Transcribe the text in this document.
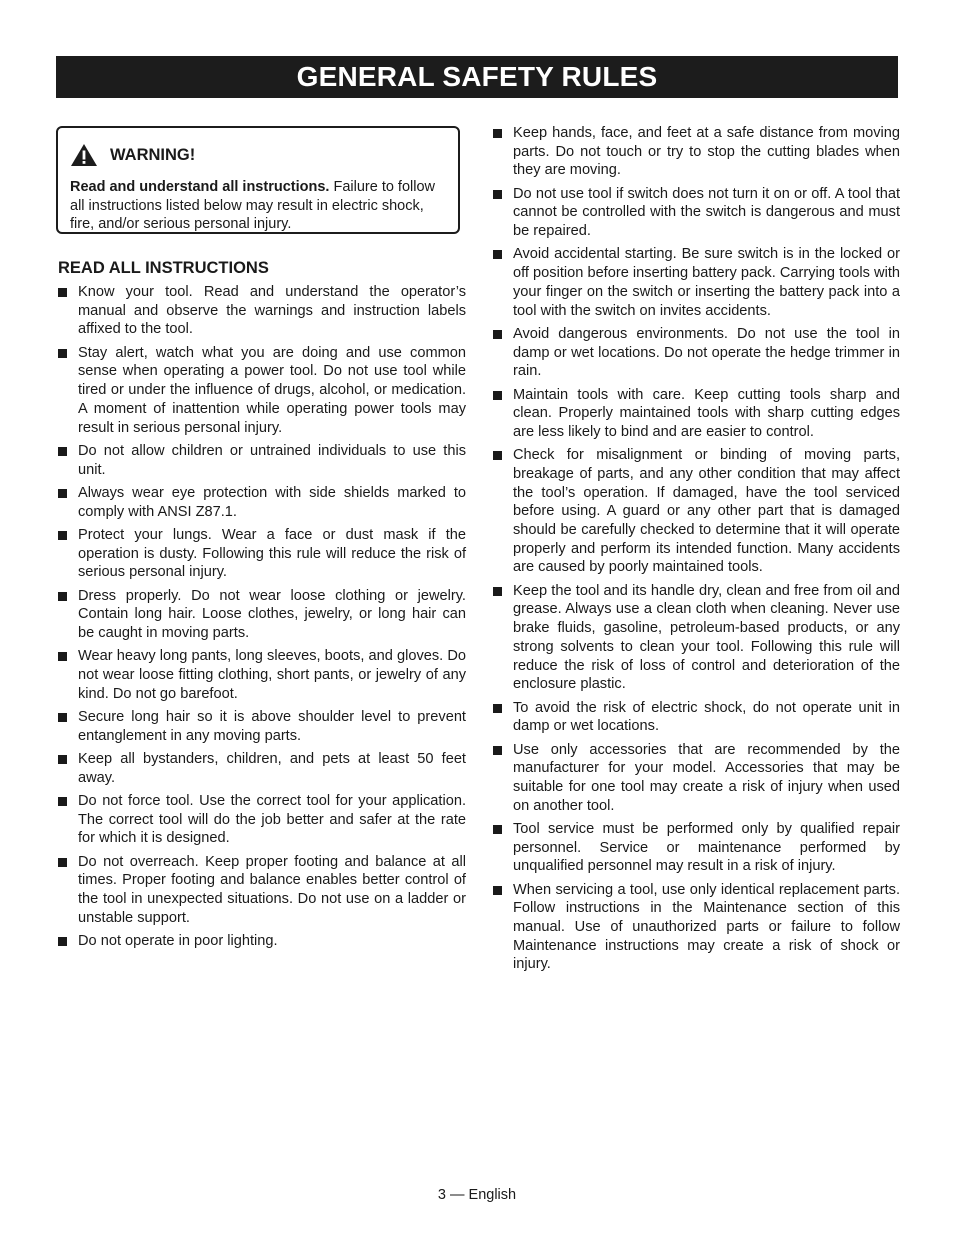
GENERAL SAFETY RULES
WARNING!
Read and understand all instructions. Failure to follow all instructions listed below may result in electric shock, fire, and/or serious personal injury.
READ ALL INSTRUCTIONS
Know your tool. Read and understand the operator’s manual and observe the warnings and instruction labels affixed to the tool.
Stay alert, watch what you are doing and use common sense when operating a power tool. Do not use tool while tired or under the influence of drugs, alcohol, or medication. A moment of inattention while operating power tools may result in serious personal injury.
Do not allow children or untrained individuals to use this unit.
Always wear eye protection with side shields marked to comply with ANSI Z87.1.
Protect your lungs. Wear a face or dust mask if the operation is dusty. Following this rule will reduce the risk of serious personal injury.
Dress properly. Do not wear loose clothing or jewelry. Contain long hair. Loose clothes, jewelry, or long hair can be caught in moving parts.
Wear heavy long pants, long sleeves, boots, and gloves. Do not wear loose fitting clothing, short pants, or jewelry of any kind. Do not go barefoot.
Secure long hair so it is above shoulder level to prevent entanglement in any moving parts.
Keep all bystanders, children, and pets at least 50 feet away.
Do not force tool. Use the correct tool for your application. The correct tool will do the job better and safer at the rate for which it is designed.
Do not overreach. Keep proper footing and balance at all times. Proper footing and balance enables better control of the tool in unexpected situations. Do not use on a ladder or unstable support.
Do not operate in poor lighting.
Keep hands, face, and feet at a safe distance from moving parts. Do not touch or try to stop the cutting blades when they are moving.
Do not use tool if switch does not turn it on or off. A tool that cannot be controlled with the switch is dangerous and must be repaired.
Avoid accidental starting. Be sure switch is in the locked or off position before inserting battery pack. Carrying tools with your finger on the switch or inserting the battery pack into a tool with the switch on invites accidents.
Avoid dangerous environments. Do not use the tool in damp or wet locations. Do not operate the hedge trimmer in rain.
Maintain tools with care. Keep cutting tools sharp and clean. Properly maintained tools with sharp cutting edges are less likely to bind and are easier to control.
Check for misalignment or binding of moving parts, breakage of parts, and any other condition that may affect the tool’s operation. If damaged, have the tool serviced before using. A guard or any other part that is damaged should be carefully checked to determine that it will operate properly and perform its intended function. Many accidents are caused by poorly maintained tools.
Keep the tool and its handle dry, clean and free from oil and grease. Always use a clean cloth when cleaning. Never use brake fluids, gasoline, petroleum-based products, or any strong solvents to clean your tool. Following this rule will reduce the risk of loss of control and deterioration of the enclosure plastic.
To avoid the risk of electric shock, do not operate unit in damp or wet locations.
Use only accessories that are recommended by the manufacturer for your model. Accessories that may be suitable for one tool may create a risk of injury when used on another tool.
Tool service must be performed only by qualified repair personnel. Service or maintenance performed by unqualified personnel may result in a risk of injury.
When servicing a tool, use only identical replacement parts. Follow instructions in the Maintenance section of this manual. Use of unauthorized parts or failure to follow Maintenance instructions may create a risk of shock or injury.
3 — English
